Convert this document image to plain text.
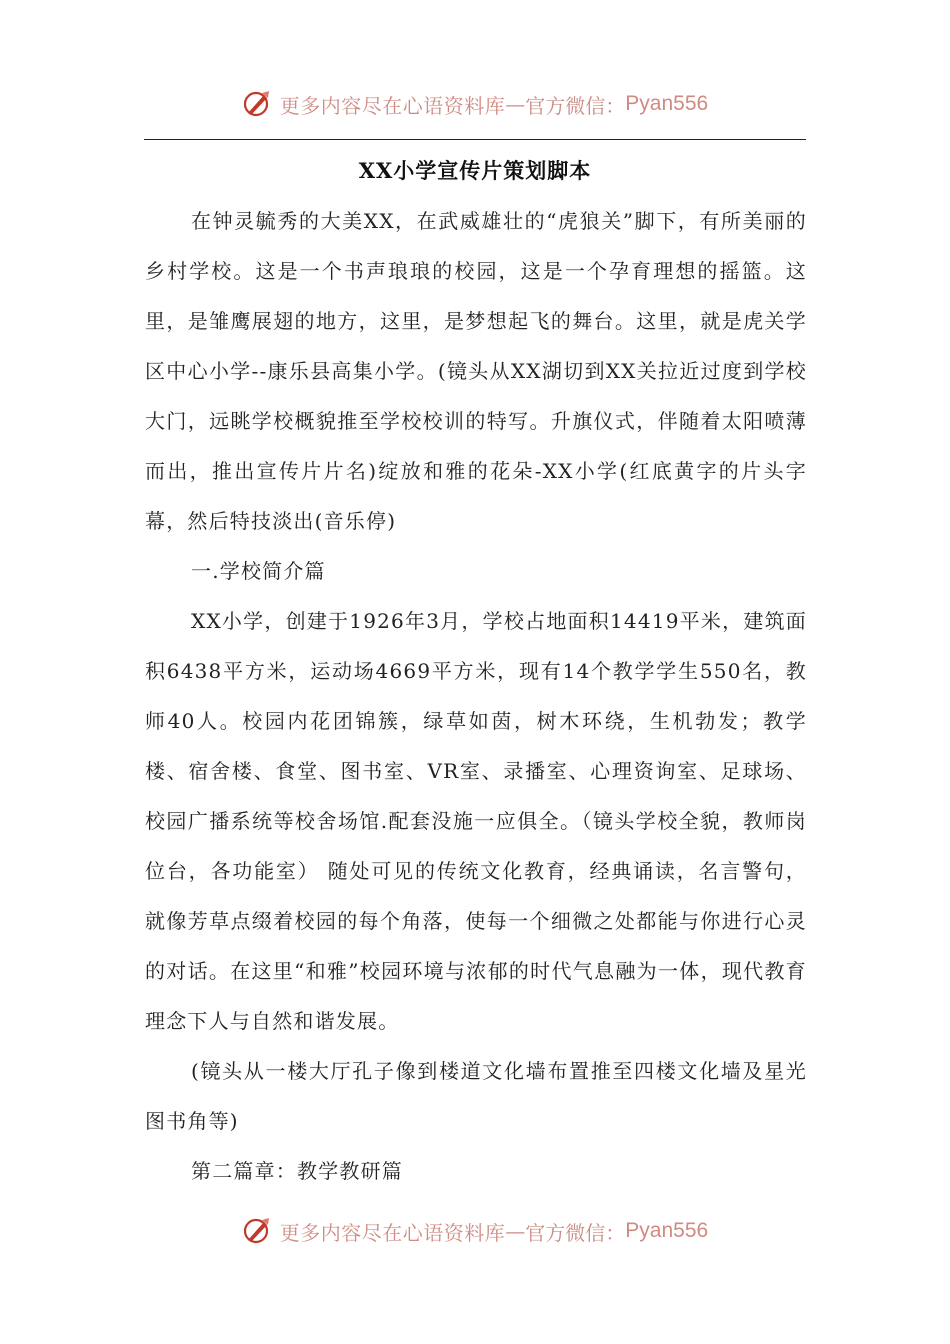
更多内容尽在心语资料库 — 官方微信： Pyan556
XX小学宣传片策划脚本

在钟灵毓秀的大美XX，在武威雄壮的“虎狼关”脚下，有所美丽的乡村学校。这是一个书声琅琅的校园，这是一个孕育理想的摇篮。这里，是雏鹰展翅的地方，这里，是梦想起飞的舞台。这里，就是虎关学区中心小学--康乐县高集小学。(镜头从XX湖切到XX关拉近过度到学校大门，远眺学校概貌推至学校校训的特写。升旗仪式，伴随着太阳喷薄而出，推出宣传片片名)绽放和雅的花朵-XX小学(红底黄字的片头字幕，然后特技淡出(音乐停)

一.学校简介篇

XX小学，创建于1926年3月，学校占地面积14419平米，建筑面积6438平方米，运动场4669平方米，现有14个教学学生550名，教师40人。校园内花团锦簇，绿草如茵，树木环绕，生机勃发；教学楼、宿舍楼、食堂、图书室、VR室、录播室、心理资询室、足球场、校园广播系统等校舍场馆.配套没施一应俱全。（镜头学校全貌，教师岗位台，各功能室） 随处可见的传统文化教育，经典诵读，名言警句，就像芳草点缀着校园的每个角落，使每一个细微之处都能与你进行心灵的对话。在这里“和雅”校园环境与浓郁的时代气息融为一体，现代教育理念下人与自然和谐发展。

(镜头从一楼大厅孔子像到楼道文化墙布置推至四楼文化墙及星光图书角等)

第二篇章：教学教研篇

更多内容尽在心语资料库 — 官方微信： Pyan556
